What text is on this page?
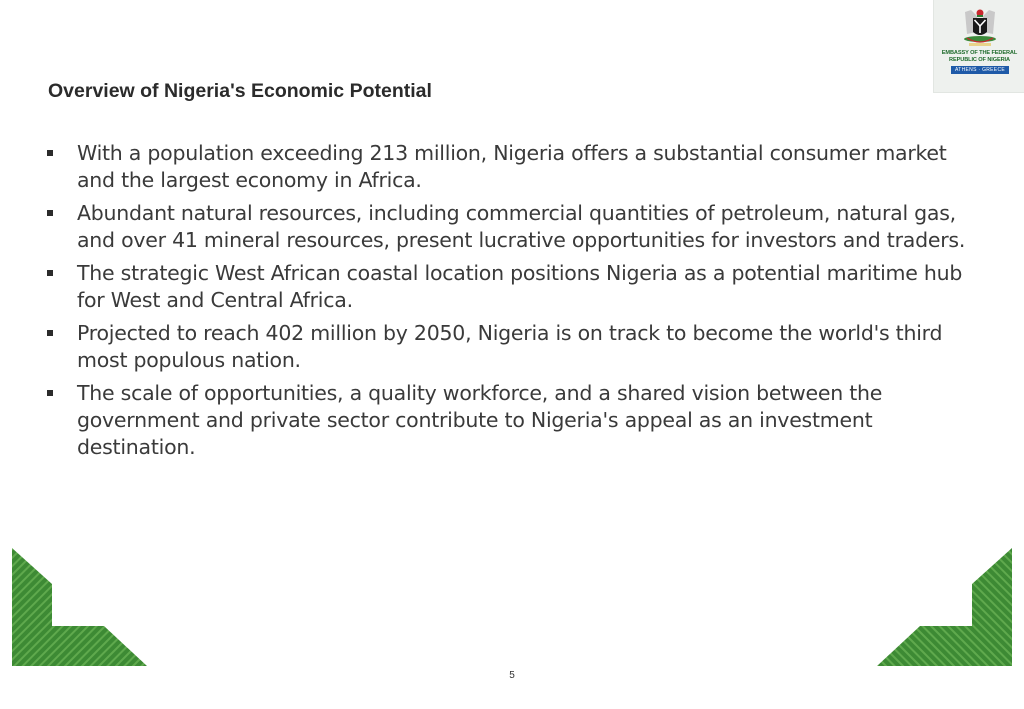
EMBASSY OF THE FEDERAL
REPUBLIC OF NIGERIA
ATHENS · GREECE
Overview of Nigeria's Economic Potential
With a population exceeding 213 million, Nigeria offers a substantial consumer market and the largest economy in Africa.
Abundant natural resources, including commercial quantities of petroleum, natural gas, and over 41 mineral resources, present lucrative opportunities for investors and traders.
The strategic West African coastal location positions Nigeria as a potential maritime hub for West and Central Africa.
Projected to reach 402 million by 2050, Nigeria is on track to become the world's third most populous nation.
The scale of opportunities, a quality workforce, and a shared vision between the government and private sector contribute to Nigeria's appeal as an investment destination.
5
